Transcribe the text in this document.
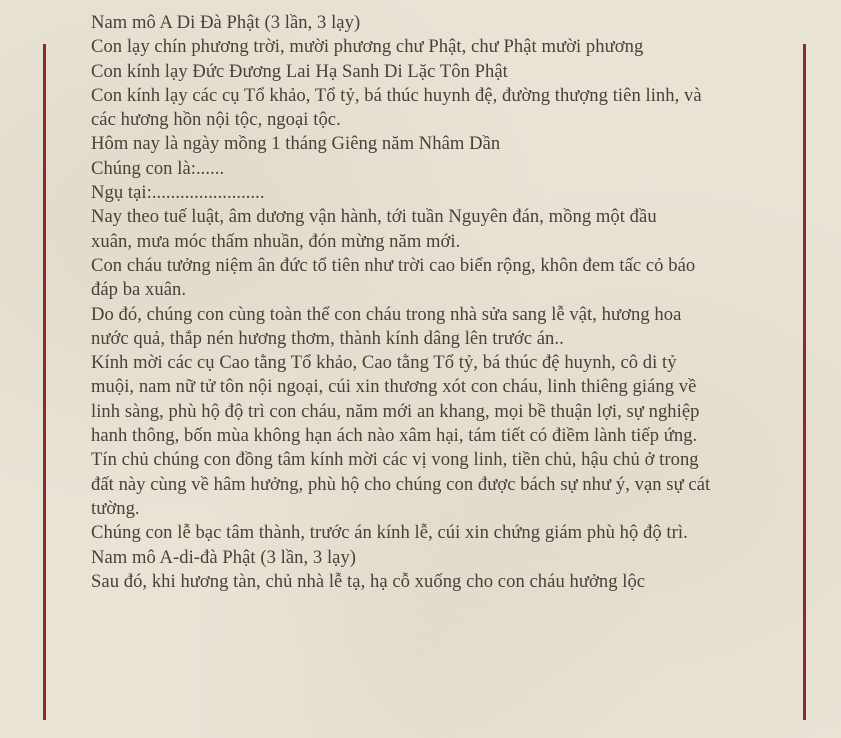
Nam mô A Di Đà Phật (3 lần, 3 lạy)
Con lạy chín phương trời, mười phương chư Phật, chư Phật mười phương
Con kính lạy Đức Đương Lai Hạ Sanh Di Lặc Tôn Phật
Con kính lạy các cụ Tổ khảo, Tổ tỷ, bá thúc huynh đệ, đường thượng tiên linh, và
các hương hồn nội tộc, ngoại tộc.
Hôm nay là ngày mồng 1 tháng Giêng năm Nhâm Dần
Chúng con là:......
Ngụ tại:........................
Nay theo tuế luật, âm dương vận hành, tới tuần Nguyên đán, mồng một đầu
xuân, mưa móc thấm nhuần, đón mừng năm mới.
Con cháu tưởng niệm ân đức tổ tiên như trời cao biển rộng, khôn đem tấc cỏ báo
đáp ba xuân.
Do đó, chúng con cùng toàn thể con cháu trong nhà sửa sang lễ vật, hương hoa
nước quả, thắp nén hương thơm, thành kính dâng lên trước án..
Kính mời các cụ Cao tằng Tổ khảo, Cao tằng Tổ tỷ, bá thúc đệ huynh, cô di tỷ
muội, nam nữ tử tôn nội ngoại, cúi xin thương xót con cháu, linh thiêng giáng về
linh sàng, phù hộ độ trì con cháu, năm mới an khang, mọi bề thuận lợi, sự nghiệp
hanh thông, bốn mùa không hạn ách nào xâm hại, tám tiết có điềm lành tiếp ứng.
Tín chủ chúng con đồng tâm kính mời các vị vong linh, tiền chủ, hậu chủ ở trong
đất này cùng về hâm hưởng, phù hộ cho chúng con được bách sự như ý, vạn sự cát
tường.
Chúng con lễ bạc tâm thành, trước án kính lễ, cúi xin chứng giám phù hộ độ trì.
Nam mô A-di-đà Phật (3 lần, 3 lạy)
Sau đó, khi hương tàn, chủ nhà lễ tạ, hạ cỗ xuống cho con cháu hưởng lộc
